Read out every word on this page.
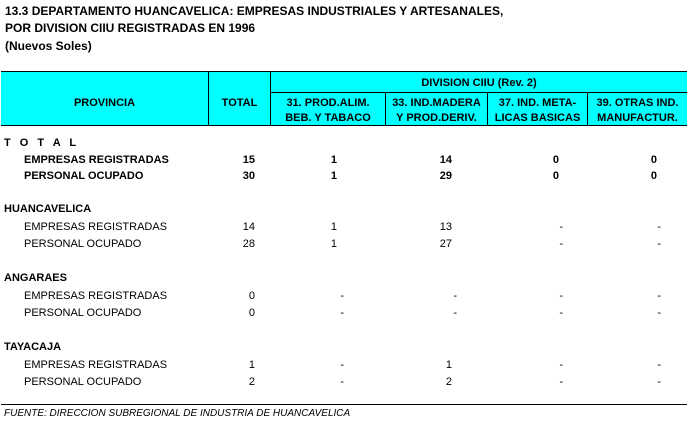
13.3 DEPARTAMENTO HUANCAVELICA: EMPRESAS INDUSTRIALES Y ARTESANALES,
POR DIVISION CIIU REGISTRADAS EN 1996
(Nuevos Soles)
PROVINCIA	TOTAL
DIVISION CIIU (Rev. 2)
31. PROD.ALIM.
BEB. Y TABACO
33. IND.MADERA
Y PROD.DERIV.
37. IND. META-
LICAS BASICAS
39. OTRAS IND.
MANUFACTUR.
T O T A L
EMPRESAS REGISTRADAS	15	1	14	0	0
PERSONAL OCUPADO	30	1	29	0	0
HUANCAVELICA
EMPRESAS REGISTRADAS	14	1	13	-	-
PERSONAL OCUPADO	28	1	27	-	-
ANGARAES
EMPRESAS REGISTRADAS	0	-	-	-	-
PERSONAL OCUPADO	0	-	-	-	-
TAYACAJA
EMPRESAS REGISTRADAS	1	-	1	-	-
PERSONAL OCUPADO	2	-	2	-	-
FUENTE: DIRECCION SUBREGIONAL DE INDUSTRIA DE HUANCAVELICA
